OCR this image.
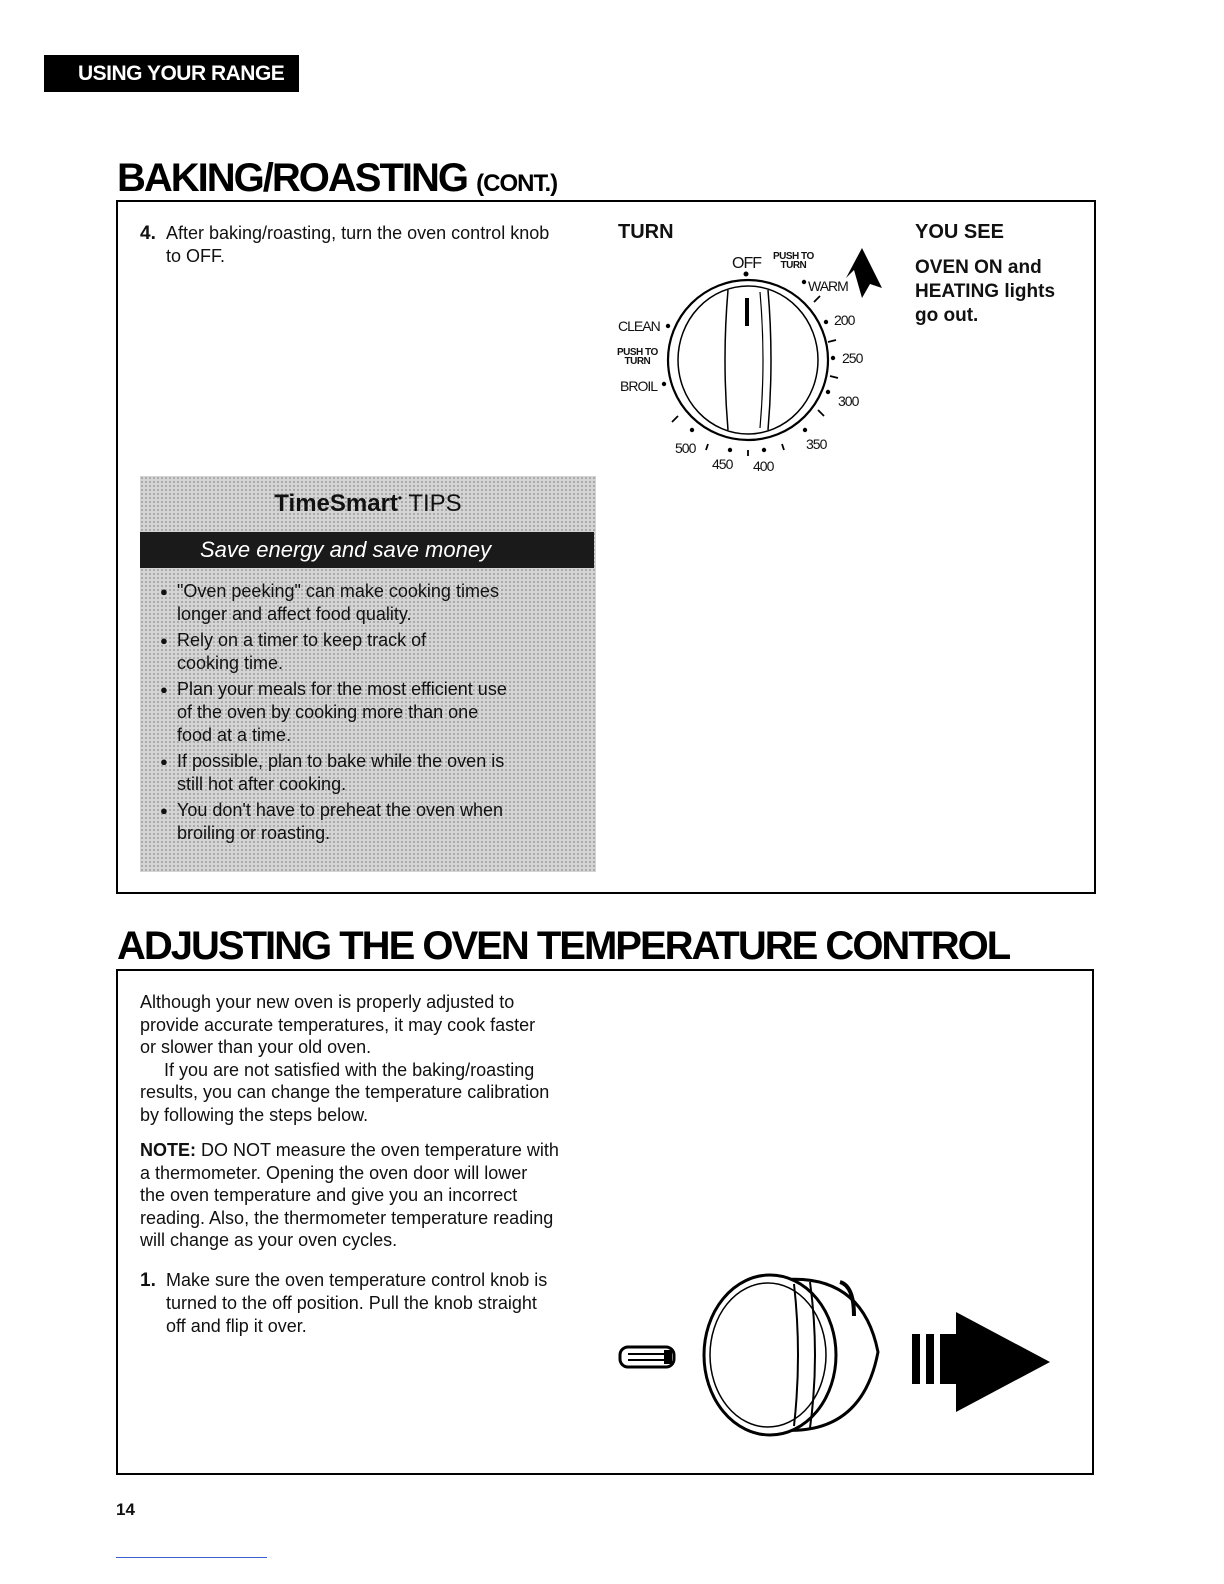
USING YOUR RANGE
BAKING/ROASTING (CONT.)
4. After baking/roasting, turn the oven control knob
to OFF.
TURN
OFF PUSH TO
TURN
WARM
CLEAN
PUSH TO
TURN
BROIL
200
250
300
350
400
450
500
YOU SEE
OVEN ON and
HEATING lights
go out.
TimeSmart• TIPS
Save energy and save money
● "Oven peeking" can make cooking times
longer and affect food quality.
● Rely on a timer to keep track of
cooking time.
● Plan your meals for the most efficient use
of the oven by cooking more than one
food at a time.
● If possible, plan to bake while the oven is
still hot after cooking.
● You don't have to preheat the oven when
broiling or roasting.
ADJUSTING THE OVEN TEMPERATURE CONTROL
Although your new oven is properly adjusted to
provide accurate temperatures, it may cook faster
or slower than your old oven.
If you are not satisfied with the baking/roasting
results, you can change the temperature calibration
by following the steps below.
NOTE: DO NOT measure the oven temperature with
a thermometer. Opening the oven door will lower
the oven temperature and give you an incorrect
reading. Also, the thermometer temperature reading
will change as your oven cycles.
1. Make sure the oven temperature control knob is
turned to the off position. Pull the knob straight
off and flip it over.
14
